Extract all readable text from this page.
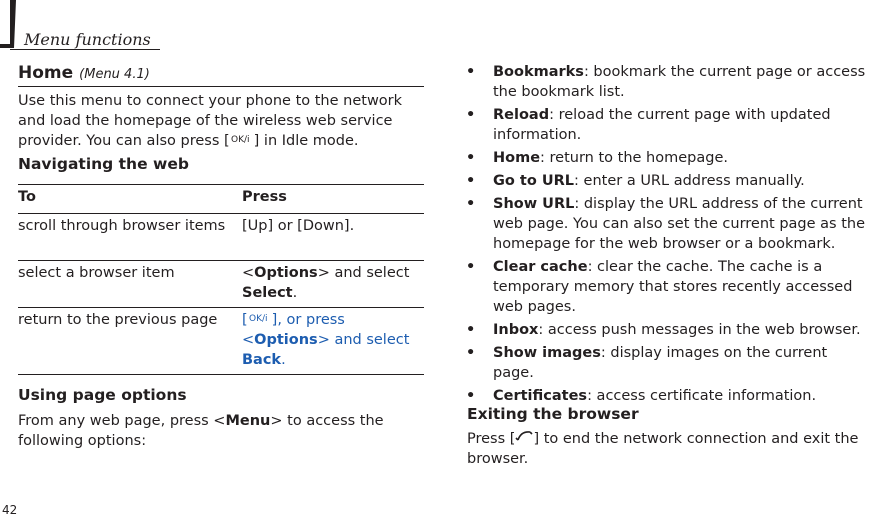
Menu functions
Home (Menu 4.1)
Use this menu to connect your phone to the network and load the homepage of the wireless web service provider. You can also press [ OK/i ] in Idle mode.
Navigating the web
To	Press
scroll through browser items	[Up] or [Down].
select a browser item	<Options> and select Select.
return to the previous page	[ OK/i ], or press <Options> and select Back.
Using page options
From any web page, press <Menu> to access the following options:
• Bookmarks: bookmark the current page or access the bookmark list.
• Reload: reload the current page with updated information.
• Home: return to the homepage.
• Go to URL: enter a URL address manually.
• Show URL: display the URL address of the current web page. You can also set the current page as the homepage for the web browser or a bookmark.
• Clear cache: clear the cache. The cache is a temporary memory that stores recently accessed web pages.
• Inbox: access push messages in the web browser.
• Show images: display images on the current page.
• Certificates: access certificate information.
Exiting the browser
Press [ ] to end the network connection and exit the browser.
42
